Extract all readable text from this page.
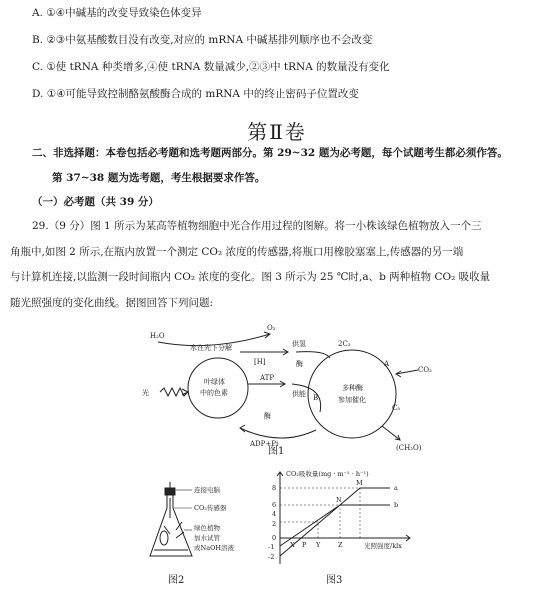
A. ①④中碱基的改变导致染色体变异
B. ②③中氨基酸数目没有改变,对应的 mRNA 中碱基排列顺序也不会改变
C. ①使 tRNA 种类增多,④使 tRNA 数量减少,②③中 tRNA 的数量没有变化
D. ①④可能导致控制酪氨酸酶合成的 mRNA 中的终止密码子位置改变
第Ⅱ卷
二、非选择题：本卷包括必考题和选考题两部分。第 29~32 题为必考题，每个试题考生都必须作答。
第 37~38 题为选考题，考生根据要求作答。
（一）必考题（共 39 分）
29.（9 分）图 1 所示为某高等植物细胞中光合作用过程的图解。将一小株该绿色植物放入一个三
角瓶中,如图 2 所示,在瓶内放置一个测定 CO₂ 浓度的传感器,将瓶口用橡胶塞塞上,传感器的另一端
与计算机连接,以监测一段时间瓶内 CO₂ 浓度的变化。图 3 所示为 25 ℃时,a、b 两种植物 CO₂ 吸收量
随光照强度的变化曲线。据图回答下列问题:
H₂O
O₂
水在光下分解
[H]
供氢
酶
供能
光
叶绿体
中的色素
ATP
酶
ADP+Pi
2C₃
A
B
CO₂
多种酶
参加催化
C₅
(CH₂O)
图1
连接电脑
CO₂传感器
绿色植物
加水试管
或NaOH溶液
图2
CO₂吸收量(mg · m⁻² · h⁻¹)
光照强度/klx
8
6
4
2
0
-1
-2
X P Y	Z
M
N
a
b
图3
